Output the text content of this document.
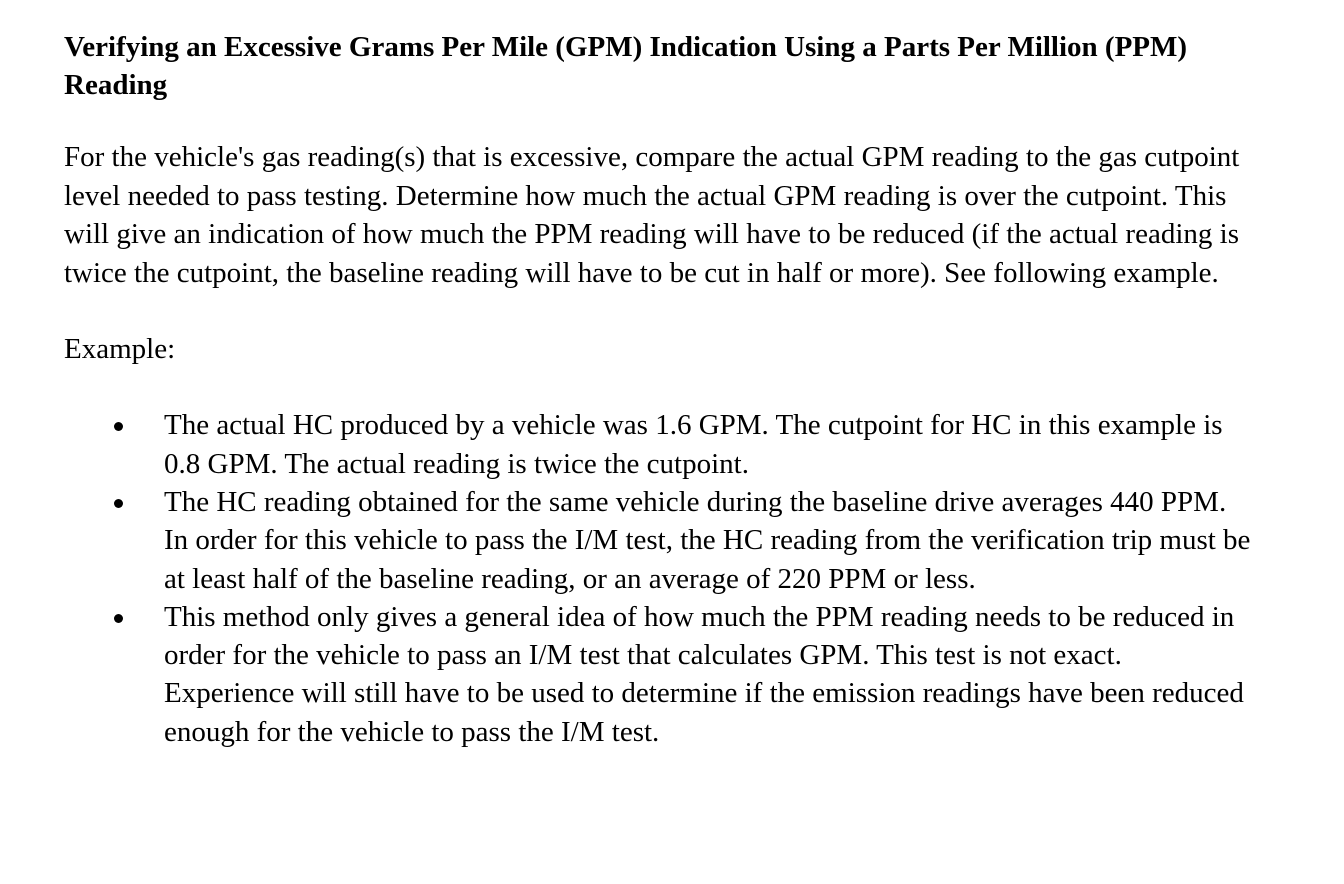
Verifying an Excessive Grams Per Mile (GPM) Indication Using a Parts Per Million (PPM) Reading

For the vehicle's gas reading(s) that is excessive, compare the actual GPM reading to the gas cutpoint level needed to pass testing. Determine how much the actual GPM reading is over the cutpoint. This will give an indication of how much the PPM reading will have to be reduced (if the actual reading is twice the cutpoint, the baseline reading will have to be cut in half or more). See following example.

Example:

The actual HC produced by a vehicle was 1.6 GPM. The cutpoint for HC in this example is 0.8 GPM. The actual reading is twice the cutpoint.
The HC reading obtained for the same vehicle during the baseline drive averages 440 PPM. In order for this vehicle to pass the I/M test, the HC reading from the verification trip must be at least half of the baseline reading, or an average of 220 PPM or less.
This method only gives a general idea of how much the PPM reading needs to be reduced in order for the vehicle to pass an I/M test that calculates GPM. This test is not exact. Experience will still have to be used to determine if the emission readings have been reduced enough for the vehicle to pass the I/M test.
